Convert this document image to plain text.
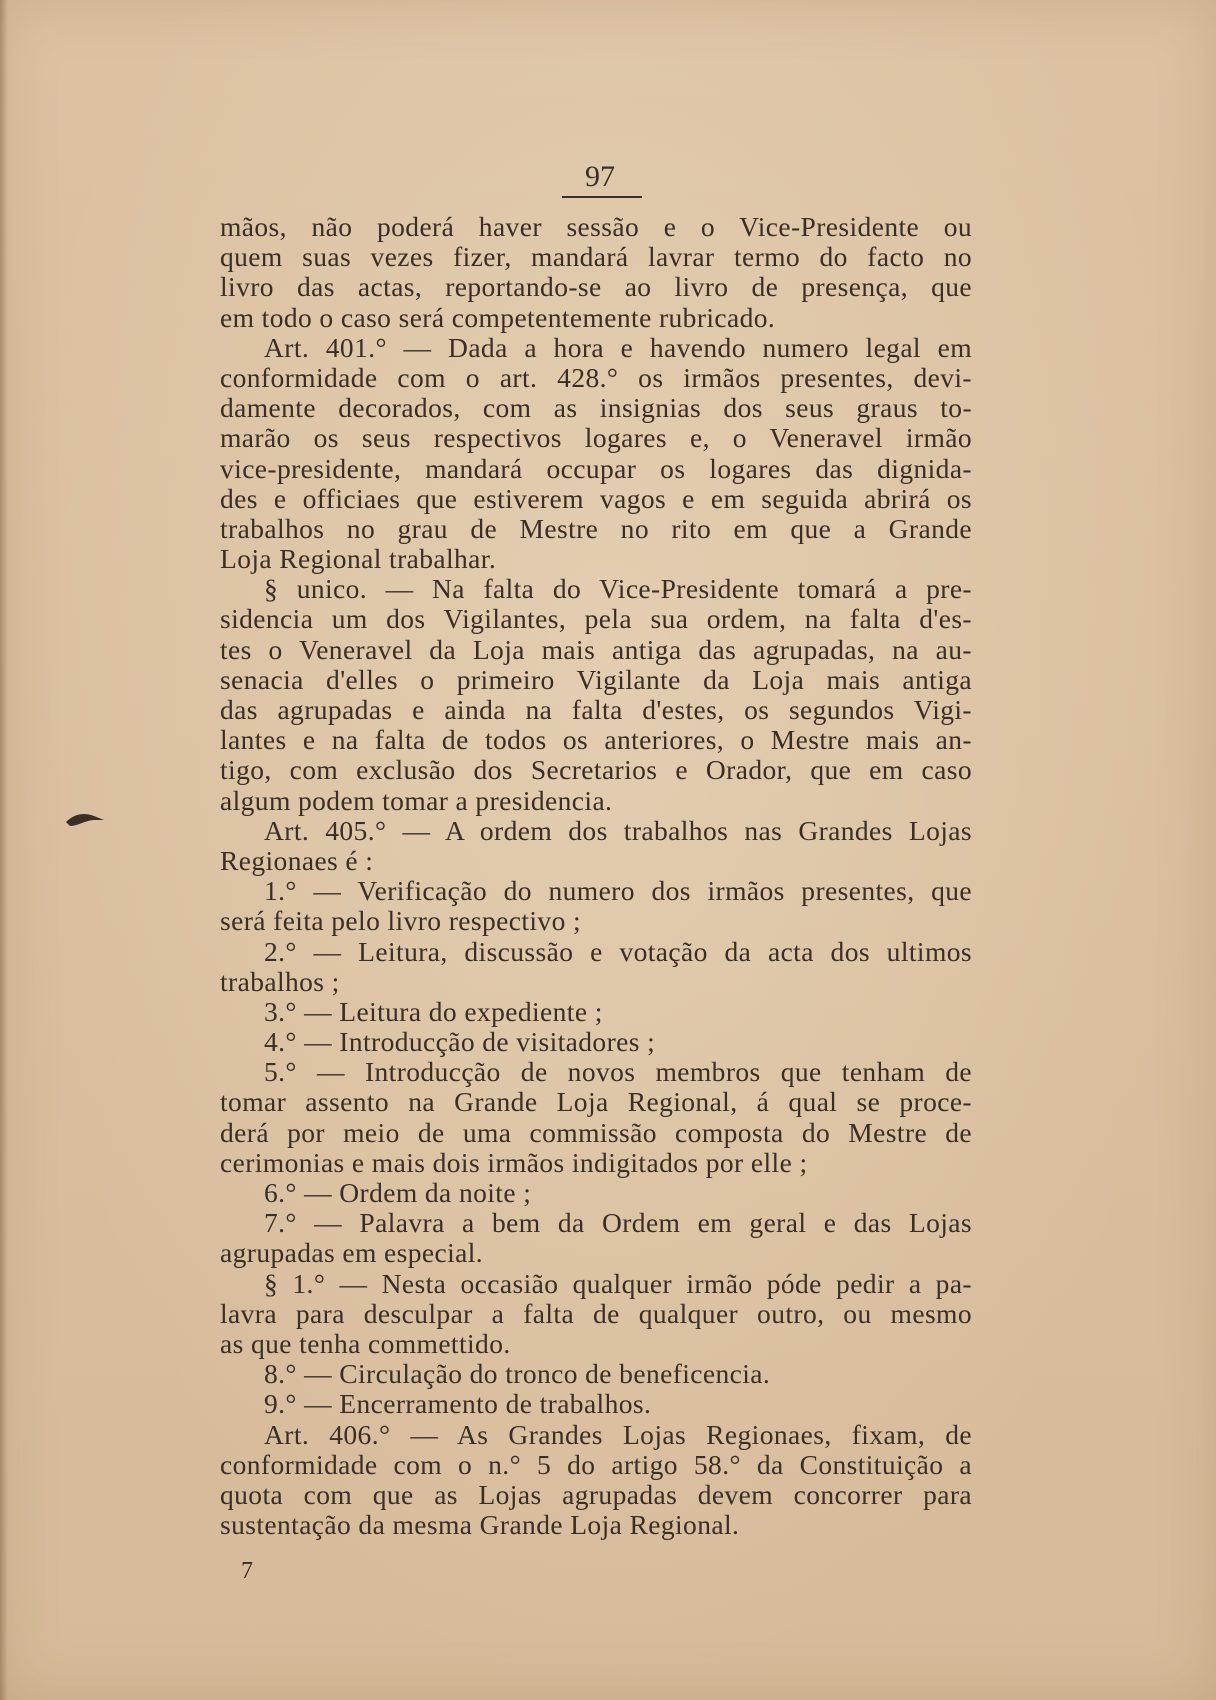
97
mãos, não poderá haver sessão e o Vice-Presidente ou
quem suas vezes fizer, mandará lavrar termo do facto no
livro das actas, reportando-se ao livro de presença, que
em todo o caso será competentemente rubricado.
Art. 401.° — Dada a hora e havendo numero legal em
conformidade com o art. 428.° os irmãos presentes, devi-
damente decorados, com as insignias dos seus graus to-
marão os seus respectivos logares e, o Veneravel irmão
vice-presidente, mandará occupar os logares das dignida-
des e officiaes que estiverem vagos e em seguida abrirá os
trabalhos no grau de Mestre no rito em que a Grande
Loja Regional trabalhar.
§ unico. — Na falta do Vice-Presidente tomará a pre-
sidencia um dos Vigilantes, pela sua ordem, na falta d'es-
tes o Veneravel da Loja mais antiga das agrupadas, na au-
senacia d'elles o primeiro Vigilante da Loja mais antiga
das agrupadas e ainda na falta d'estes, os segundos Vigi-
lantes e na falta de todos os anteriores, o Mestre mais an-
tigo, com exclusão dos Secretarios e Orador, que em caso
algum podem tomar a presidencia.
Art. 405.° — A ordem dos trabalhos nas Grandes Lojas
Regionaes é :
1.° — Verificação do numero dos irmãos presentes, que
será feita pelo livro respectivo ;
2.° — Leitura, discussão e votação da acta dos ultimos
trabalhos ;
3.° — Leitura do expediente ;
4.° — Introducção de visitadores ;
5.° — Introducção de novos membros que tenham de
tomar assento na Grande Loja Regional, á qual se proce-
derá por meio de uma commissão composta do Mestre de
cerimonias e mais dois irmãos indigitados por elle ;
6.° — Ordem da noite ;
7.° — Palavra a bem da Ordem em geral e das Lojas
agrupadas em especial.
§ 1.° — Nesta occasião qualquer irmão póde pedir a pa-
lavra para desculpar a falta de qualquer outro, ou mesmo
as que tenha commettido.
8.° — Circulação do tronco de beneficencia.
9.° — Encerramento de trabalhos.
Art. 406.° — As Grandes Lojas Regionaes, fixam, de
conformidade com o n.° 5 do artigo 58.° da Constituição a
quota com que as Lojas agrupadas devem concorrer para
sustentação da mesma Grande Loja Regional.
7
